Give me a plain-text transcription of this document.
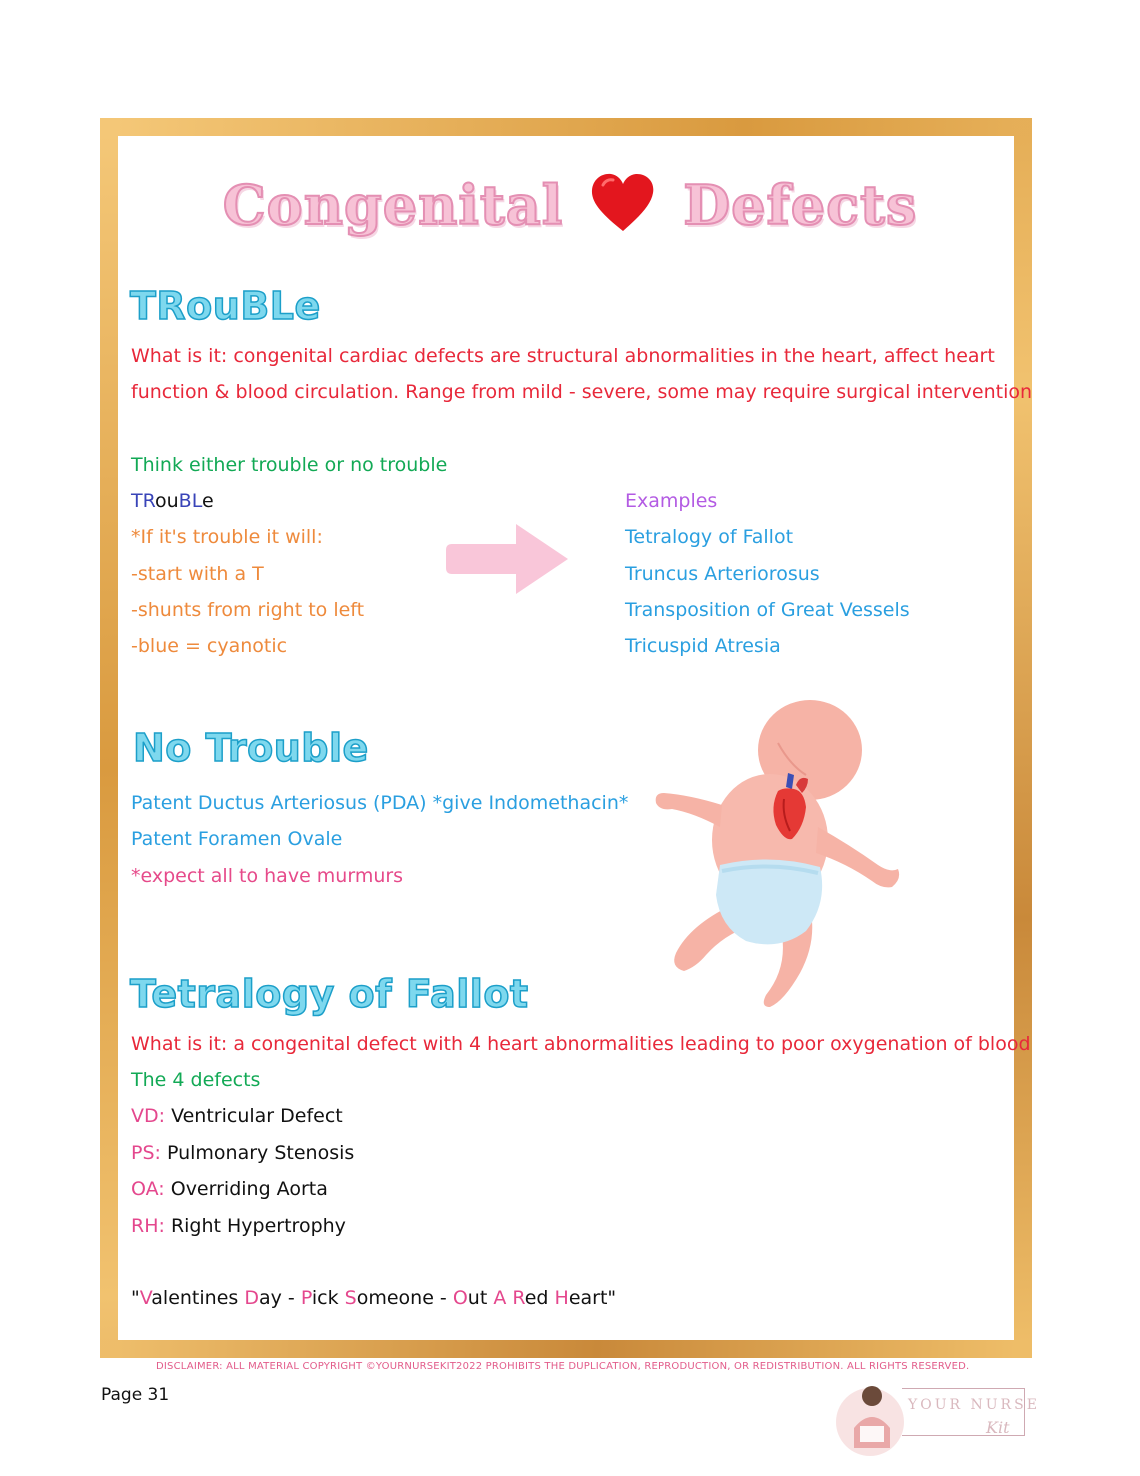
Congenital Defects
TRouBLe
What is it: congenital cardiac defects are structural abnormalities in the heart, affect heart
function & blood circulation. Range from mild - severe, some may require surgical intervention
Think either trouble or no trouble
TRouBLe
*If it's trouble it will:
-start with a T
-shunts from right to left
-blue = cyanotic
Examples
Tetralogy of Fallot
Truncus Arteriorosus
Transposition of Great Vessels
Tricuspid Atresia
No Trouble
Patent Ductus Arteriosus (PDA) *give Indomethacin*
Patent Foramen Ovale
*expect all to have murmurs
Tetralogy of Fallot
What is it: a congenital defect with 4 heart abnormalities leading to poor oxygenation of blood
The 4 defects
VD: Ventricular Defect
PS: Pulmonary Stenosis
OA: Overriding Aorta
RH: Right Hypertrophy
"Valentines Day - Pick Someone - Out A Red Heart"
DISCLAIMER: ALL MATERIAL COPYRIGHT ©YOURNURSEKIT2022 PROHIBITS THE DUPLICATION, REPRODUCTION, OR REDISTRIBUTION. ALL RIGHTS RESERVED.
Page 31	YOUR NURSE
Kit
